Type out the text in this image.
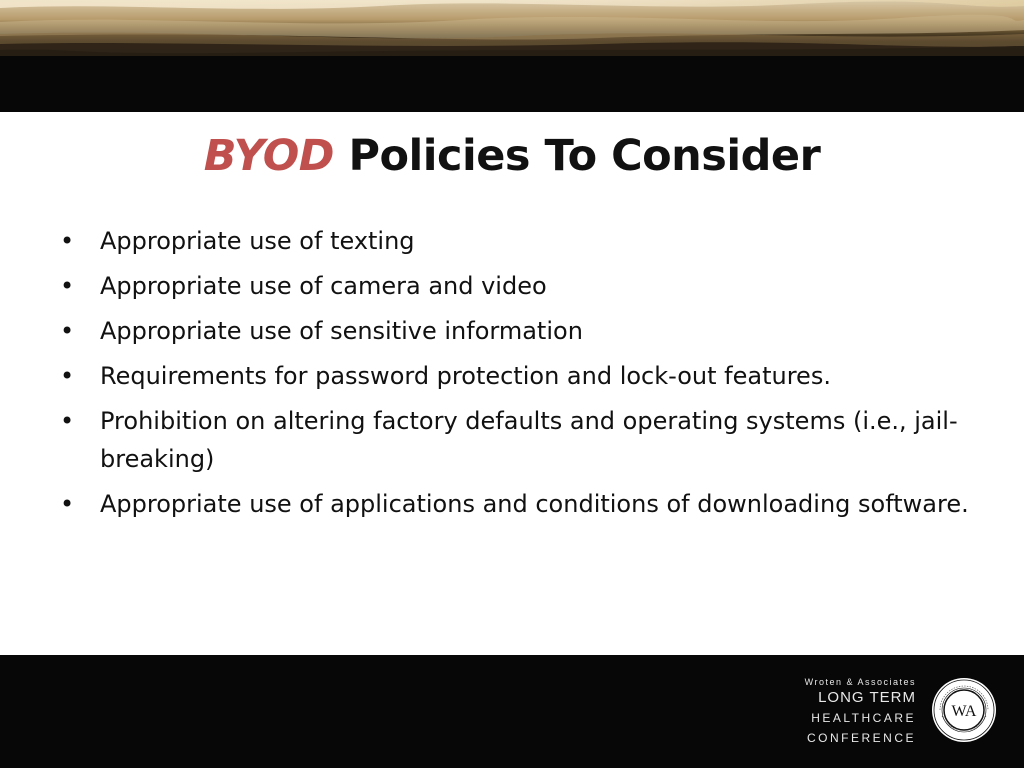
BYOD Policies To Consider
• Appropriate use of texting
• Appropriate use of camera and video
• Appropriate use of sensitive information
• Requirements for password protection and lock-out features.
• Prohibition on altering factory defaults and operating systems (i.e., jail-breaking)
• Appropriate use of applications and conditions of downloading software.
Wroten & Associates
LONG TERM
HEALTHCARE
CONFERENCE
WA
